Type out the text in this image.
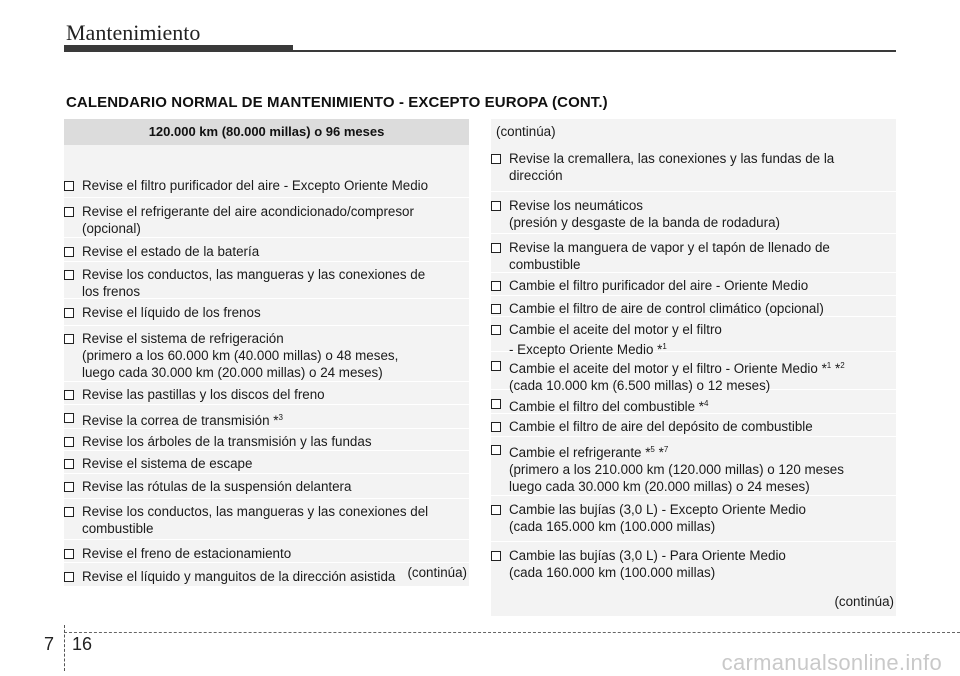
Mantenimiento
CALENDARIO NORMAL DE MANTENIMIENTO - EXCEPTO EUROPA (CONT.)
120.000 km (80.000 millas) o 96 meses
Revise el filtro purificador del aire - Excepto Oriente Medio
Revise el refrigerante del aire acondicionado/compresor
(opcional)
Revise el estado de la batería
Revise los conductos, las mangueras y las conexiones de
los frenos
Revise el líquido de los frenos
Revise el sistema de refrigeración
(primero a los 60.000 km (40.000 millas) o 48 meses,
luego cada 30.000 km (20.000 millas) o 24 meses)
Revise las pastillas y los discos del freno
Revise la correa de transmisión *$^3$
Revise los árboles de la transmisión y las fundas
Revise el sistema de escape
Revise las rótulas de la suspensión delantera
Revise los conductos, las mangueras y las conexiones del
combustible
Revise el freno de estacionamiento
Revise el líquido y manguitos de la dirección asistida (continúa)
(continúa)
Revise la cremallera, las conexiones y las fundas de la
dirección
Revise los neumáticos
(presión y desgaste de la banda de rodadura)
Revise la manguera de vapor y el tapón de llenado de
combustible
Cambie el filtro purificador del aire - Oriente Medio
Cambie el filtro de aire de control climático (opcional)
Cambie el aceite del motor y el filtro
- Excepto Oriente Medio *$^1$
Cambie el aceite del motor y el filtro - Oriente Medio *$^1$ *$^2$
(cada 10.000 km (6.500 millas) o 12 meses)
Cambie el filtro del combustible *$^4$
Cambie el filtro de aire del depósito de combustible
Cambie el refrigerante *$^5$ *$^7$
(primero a los 210.000 km (120.000 millas) o 120 meses
luego cada 30.000 km (20.000 millas) o 24 meses)
Cambie las bujías (3,0 L) - Excepto Oriente Medio
(cada 165.000 km (100.000 millas)
Cambie las bujías (3,0 L) - Para Oriente Medio
(cada 160.000 km (100.000 millas)
(continúa)
7 16
carmanualsonline.info
